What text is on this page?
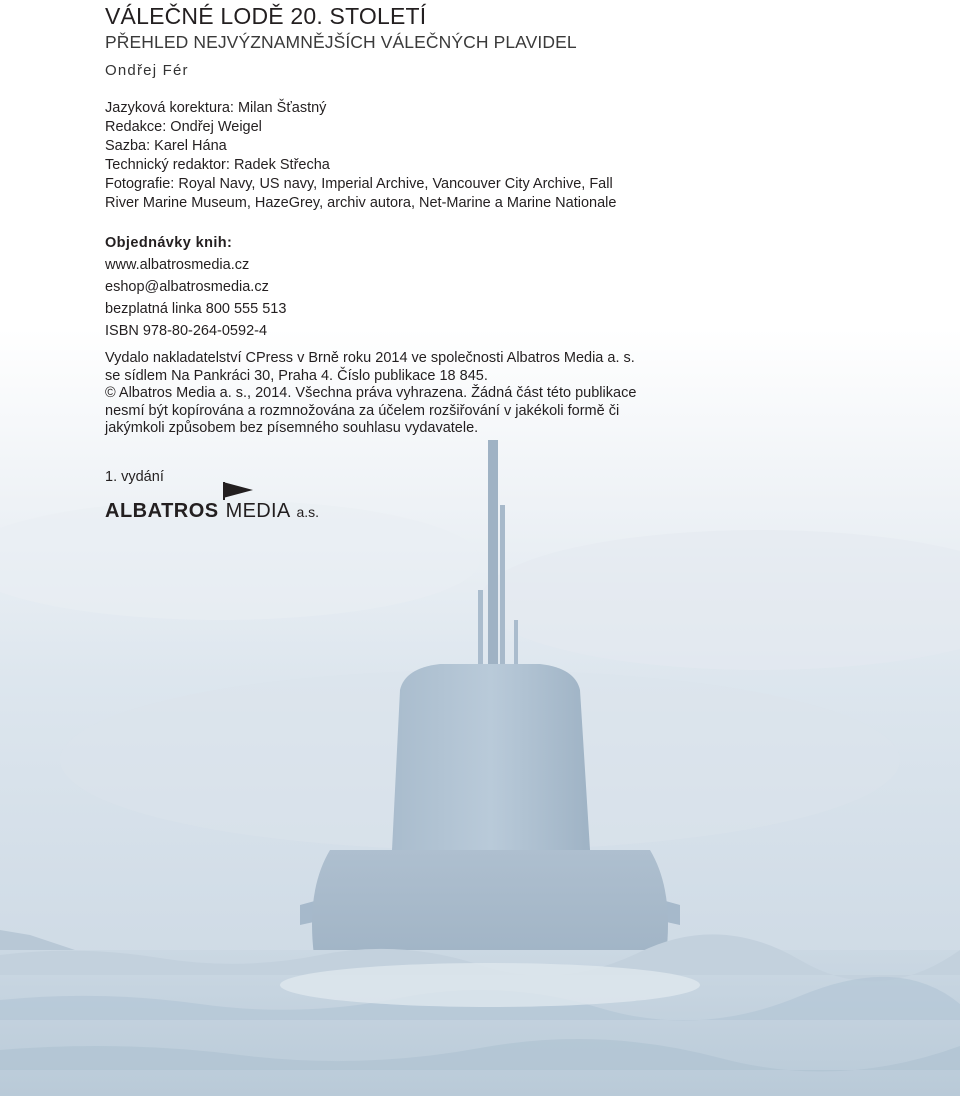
VÁLEČNÉ LODĚ 20. STOLETÍ
PŘEHLED NEJVÝZNAMNĚJŠÍCH VÁLEČNÝCH PLAVIDEL
Ondřej Fér
Jazyková korektura: Milan Šťastný
Redakce: Ondřej Weigel
Sazba: Karel Hána
Technický redaktor: Radek Střecha
Fotografie: Royal Navy, US navy, Imperial Archive, Vancouver City Archive, Fall
River Marine Museum, HazeGrey, archiv autora, Net-Marine a Marine Nationale
Objednávky knih:
www.albatrosmedia.cz
eshop@albatrosmedia.cz
bezplatná linka 800 555 513
ISBN 978-80-264-0592-4
Vydalo nakladatelství CPress v Brně roku 2014 ve společnosti Albatros Media a. s.
se sídlem Na Pankráci 30, Praha 4. Číslo publikace 18 845.
© Albatros Media a. s., 2014. Všechna práva vyhrazena. Žádná část této publikace
nesmí být kopírována a rozmnožována za účelem rozšiřování v jakékoli formě či
jakýmkoli způsobem bez písemného souhlasu vydavatele.
1. vydání
ALBATROS MEDIA a.s.
